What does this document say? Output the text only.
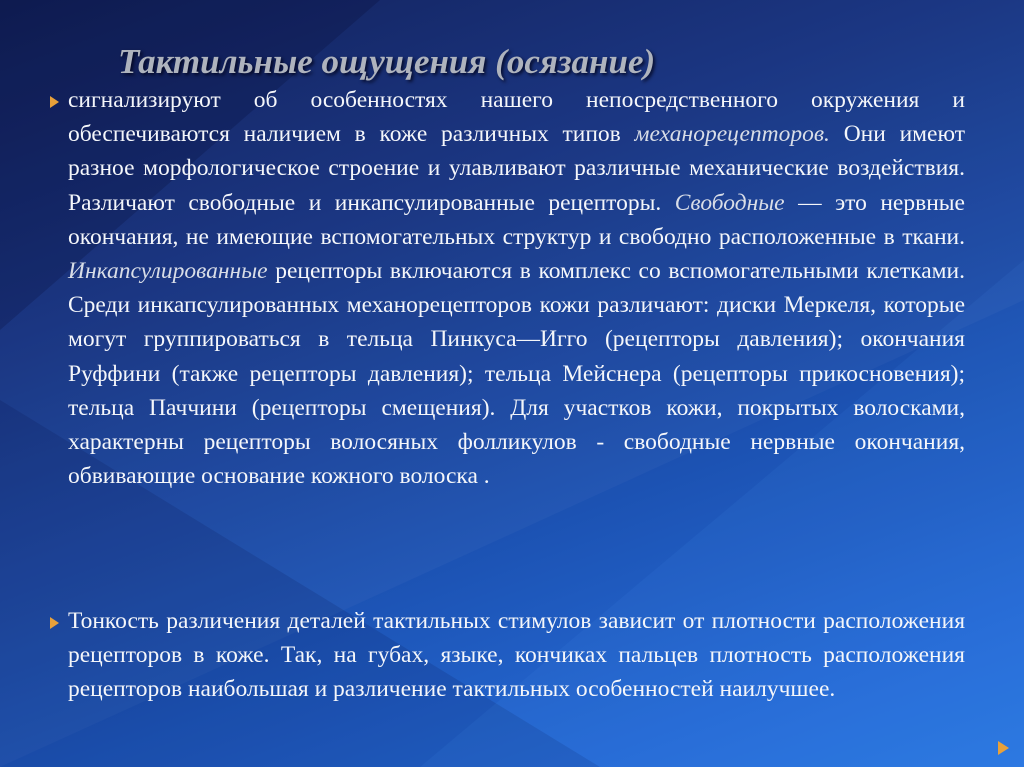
Тактильные ощущения (осязание)

сигнализируют об особенностях нашего непосредственного окружения и обеспечиваются наличием в коже различных типов механорецепторов. Они имеют разное морфологическое строение и улавливают различные механические воздействия. Различают свободные и инкапсулированные рецепторы. Свободные — это нервные окончания, не имеющие вспомогательных структур и свободно расположенные в ткани. Инкапсулированные рецепторы включаются в комплекс со вспомогательными клетками. Среди инкапсулированных механорецепторов кожи различают: диски Меркеля, которые могут группироваться в тельца Пинкуса—Игго (рецепторы давления); окончания Руффини (также рецепторы давления); тельца Мейснера (рецепторы прикосновения); тельца Паччини (рецепторы смещения). Для участков кожи, покрытых волосками, характерны рецепторы волосяных фолликулов - свободные нервные окончания, обвивающие основание кожного волоска .

Тонкость различения деталей тактильных стимулов зависит от плотности расположения рецепторов в коже. Так, на губах, языке, кончиках пальцев плотность расположения рецепторов наибольшая и различение тактильных особенностей наилучшее.
